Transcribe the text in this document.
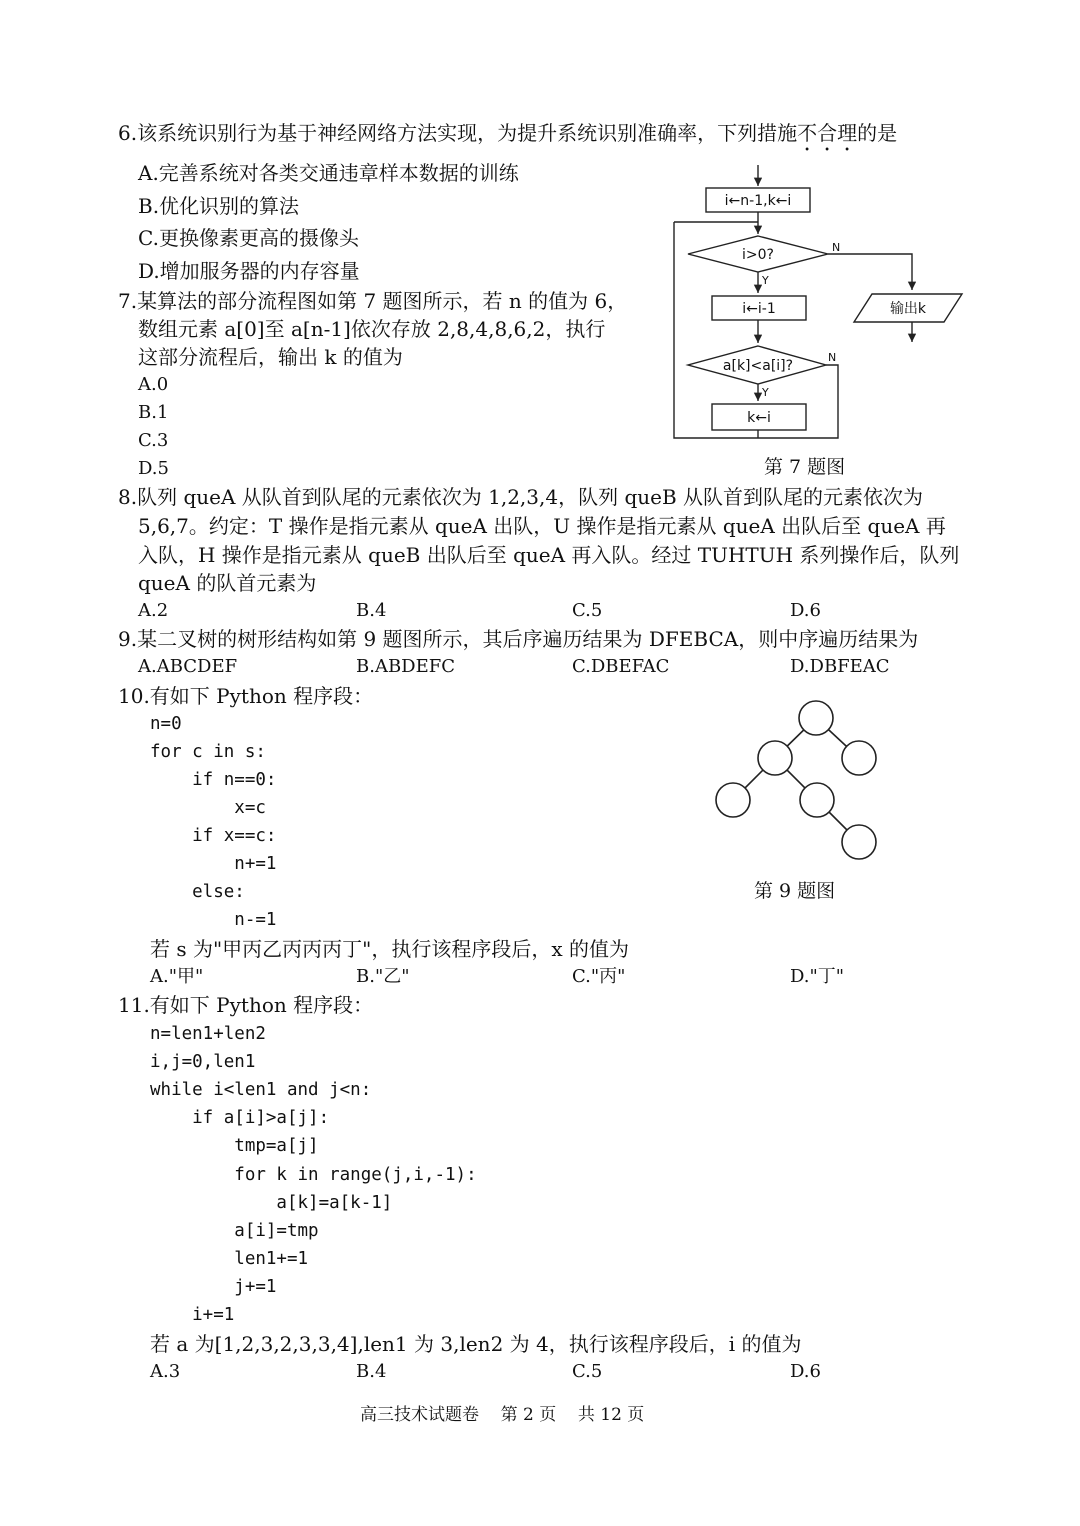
6.该系统识别行为基于神经网络方法实现，为提升系统识别准确率，下列措施不合理的是
A.完善系统对各类交通违章样本数据的训练
B.优化识别的算法
C.更换像素更高的摄像头
D.增加服务器的内存容量
7.某算法的部分流程图如第 7 题图所示，若 n 的值为 6，
数组元素 a[0]至 a[n-1]依次存放 2,8,4,8,6,2，执行
这部分流程后，输出 k 的值为
A.0
B.1
C.3
D.5
i←n-1,k←i
i>0?	N
Y
i←i-1
a[k]<a[i]?
N
Y
k←i
输出k
第 7 题图
8.队列 queA 从队首到队尾的元素依次为 1,2,3,4，队列 queB 从队首到队尾的元素依次为
5,6,7。约定：T 操作是指元素从 queA 出队，U 操作是指元素从 queA 出队后至 queA 再
入队，H 操作是指元素从 queB 出队后至 queA 再入队。经过 TUHTUH 系列操作后，队列
queA 的队首元素为
A.2	B.4	C.5	D.6
9.某二叉树的树形结构如第 9 题图所示，其后序遍历结果为 DFEBCA，则中序遍历结果为
A.ABCDEF	B.ABDEFC	C.DBEFAC	D.DBFEAC
10.有如下 Python 程序段：
n=0
for c in s:
if n==0:
x=c
if x==c:
n+=1
else:
n-=1
若 s 为"甲丙乙丙丙丙丁"，执行该程序段后，x 的值为
A."甲"	B."乙"	C."丙"	D."丁"
第 9 题图
11.有如下 Python 程序段：
n=len1+len2
i,j=0,len1
while i<len1 and j<n:
if a[i]>a[j]:
tmp=a[j]
for k in range(j,i,-1):
a[k]=a[k-1]
a[i]=tmp
len1+=1
j+=1
i+=1
若 a 为[1,2,3,2,3,3,4],len1 为 3,len2 为 4，执行该程序段后，i 的值为
A.3	B.4	C.5	D.6
高三技术试题卷    第 2 页    共 12 页
